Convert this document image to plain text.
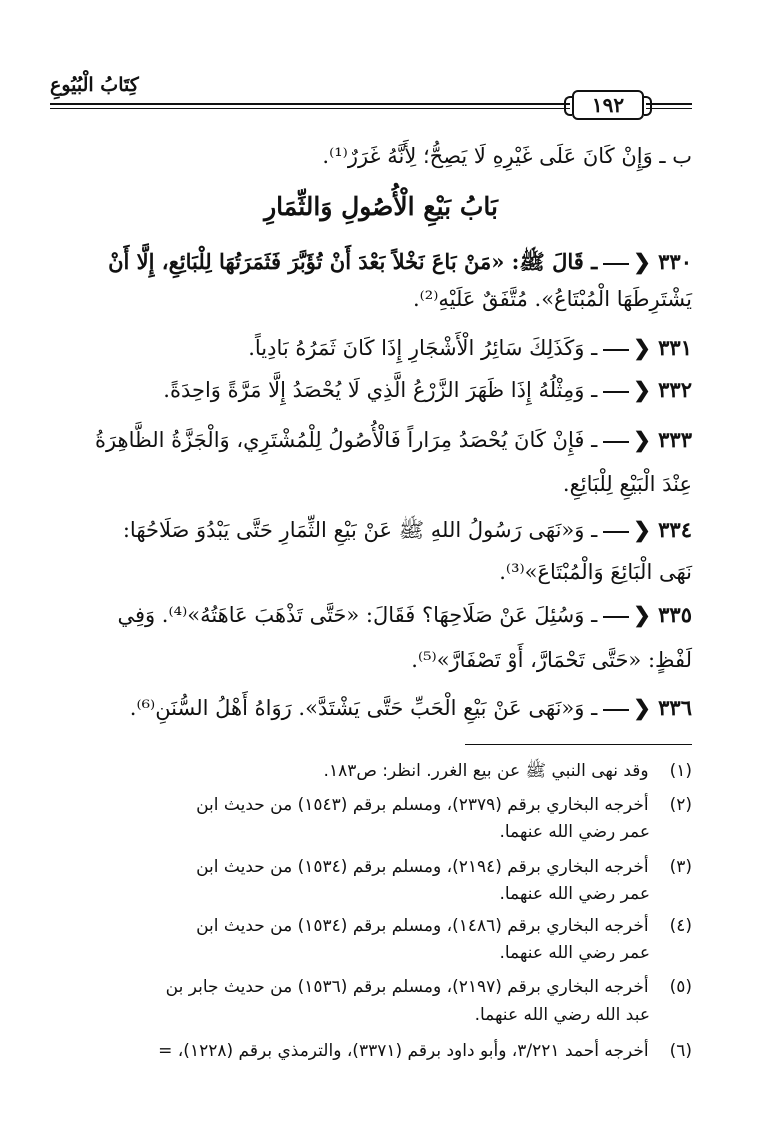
كِتَابُ الْبُيُوعِ
١٩٢
ب ـ وَإِنْ كَانَ عَلَى غَيْرِهِ لَا يَصِحُّ؛ لِأَنَّهُ غَرَرٌ⁽¹⁾.
بَابُ بَيْعِ الْأُصُولِ وَالثِّمَارِ
٣٣٠ ❮ـ قَالَ ﷺ: «مَنْ بَاعَ نَخْلاً بَعْدَ أَنْ تُؤَبَّرَ فَثَمَرَتُهَا لِلْبَائِعِ، إِلَّا أَنْ
يَشْتَرِطَهَا الْمُبْتَاعُ». مُتَّفَقٌ عَلَيْهِ⁽²⁾.
٣٣١ ❮ـ وَكَذَلِكَ سَائِرُ الْأَشْجَارِ إِذَا كَانَ ثَمَرُهُ بَادِياً.
٣٣٢ ❮ـ وَمِثْلُهُ إِذَا ظَهَرَ الزَّرْعُ الَّذِي لَا يُحْصَدُ إِلَّا مَرَّةً وَاحِدَةً.
٣٣٣ ❮ـ فَإِنْ كَانَ يُحْصَدُ مِرَاراً فَالْأُصُولُ لِلْمُشْتَرِي، وَالْجَزَّةُ الظَّاهِرَةُ
عِنْدَ الْبَيْعِ لِلْبَائِعِ.
٣٣٤ ❮ـ وَ«نَهَى رَسُولُ اللهِ ﷺ عَنْ بَيْعِ الثِّمَارِ حَتَّى يَبْدُوَ صَلَاحُهَا:
نَهَى الْبَائِعَ وَالْمُبْتَاعَ»⁽³⁾.
٣٣٥ ❮ـ وَسُئِلَ عَنْ صَلَاحِهَا؟ فَقَالَ: «حَتَّى تَذْهَبَ عَاهَتُهُ»⁽⁴⁾. وَفِي
لَفْظٍ: «حَتَّى تَحْمَارَّ، أَوْ تَصْفَارَّ»⁽⁵⁾.
٣٣٦ ❮ـ وَ«نَهَى عَنْ بَيْعِ الْحَبِّ حَتَّى يَشْتَدَّ». رَوَاهُ أَهْلُ السُّنَنِ⁽⁶⁾.
(١) وقد نهى النبي ﷺ عن بيع الغرر. انظر: ص١٨٣.
(٢) أخرجه البخاري برقم (٢٣٧٩)، ومسلم برقم (١٥٤٣) من حديث ابن
عمر رضي الله عنهما.
(٣) أخرجه البخاري برقم (٢١٩٤)، ومسلم برقم (١٥٣٤) من حديث ابن
عمر رضي الله عنهما.
(٤) أخرجه البخاري برقم (١٤٨٦)، ومسلم برقم (١٥٣٤) من حديث ابن
عمر رضي الله عنهما.
(٥) أخرجه البخاري برقم (٢١٩٧)، ومسلم برقم (١٥٣٦) من حديث جابر بن
عبد الله رضي الله عنهما.
(٦) أخرجه أحمد ٣/٢٢١، وأبو داود برقم (٣٣٧١)، والترمذي برقم (١٢٢٨)، =
